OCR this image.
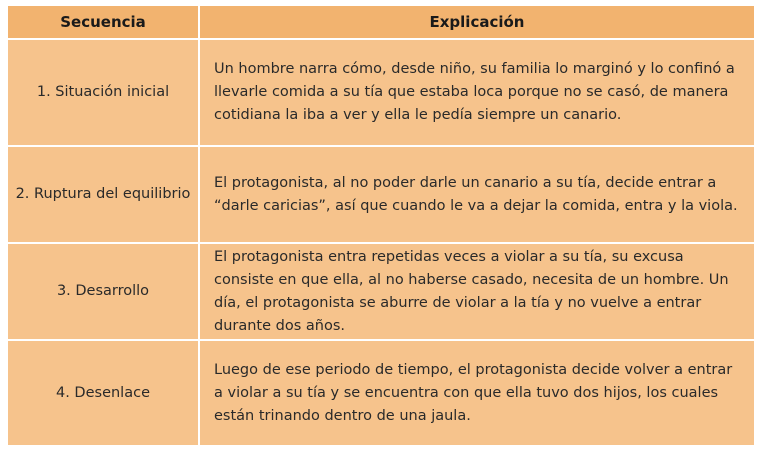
Secuencia	Explicación
1. Situación inicial	Un hombre narra cómo, desde niño, su familia lo marginó y lo confinó a llevarle comida a su tía que estaba loca porque no se casó, de manera cotidiana la iba a ver y ella le pedía siempre un canario.
2. Ruptura del equilibrio	El protagonista, al no poder darle un canario a su tía, decide entrar a “darle caricias”, así que cuando le va a dejar la comida, entra y la viola.
3. Desarrollo	El protagonista entra repetidas veces a violar a su tía, su excusa consiste en que ella, al no haberse casado, necesita de un hombre. Un día, el protagonista se aburre de violar a la tía y no vuelve a entrar durante dos años.
4. Desenlace	Luego de ese periodo de tiempo, el protagonista decide volver a entrar a violar a su tía y se encuentra con que ella tuvo dos hijos, los cuales están trinando dentro de una jaula.
